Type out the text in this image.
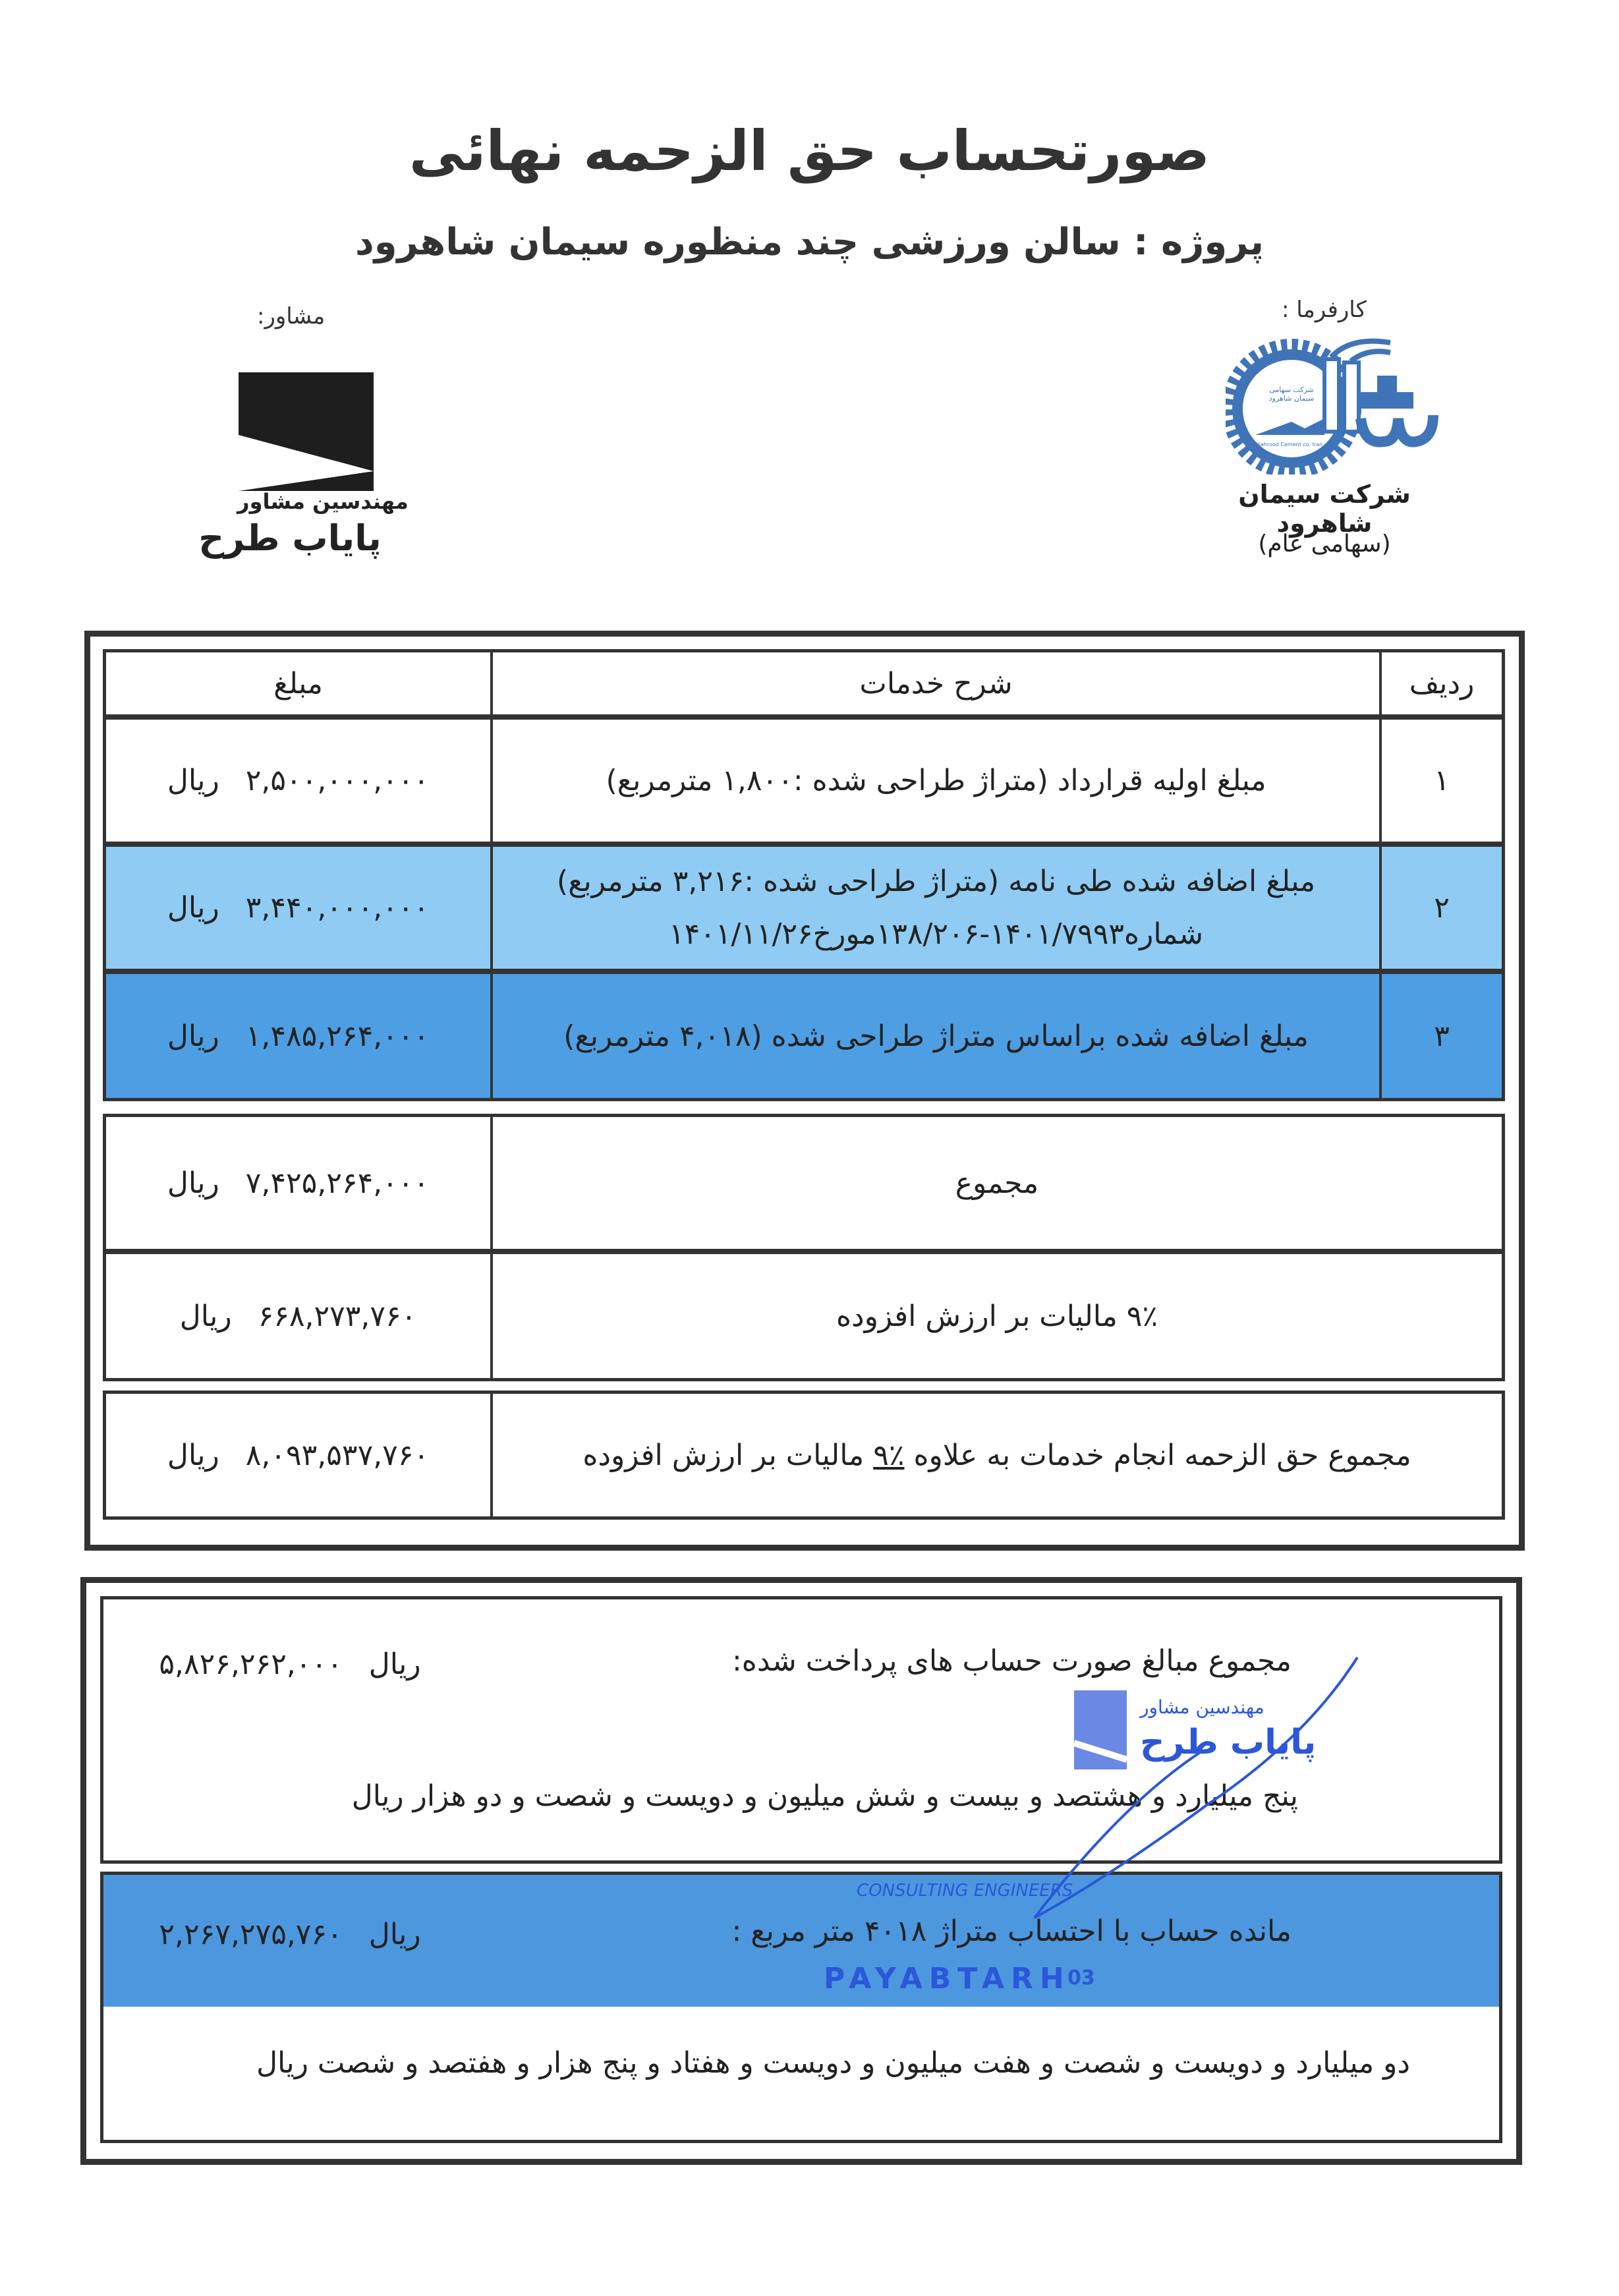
صورتحساب حق الزحمه نهائی
پروژه : سالن ورزشی چند منظوره سیمان شاهرود
مشاور:
مهندسین مشاور
پایاب طرح
کارفرما :
شرکت سهامی سیمان شاهرود
Shahrood Cement co. Iran
شرکت سیمان شاهرود
(سهامی عام)
ردیف
شرح خدمات
مبلغ
۱
مبلغ اولیه قرارداد (متراژ طراحی شده :۱,۸۰۰ مترمربع)
۲,۵۰۰,۰۰۰,۰۰۰
ریال
۲
مبلغ اضافه شده طی نامه (متراژ طراحی شده :۳,۲۱۶ مترمربع)
شماره۱۴۰۱/۷۹۹۳-۱۳۸/۲۰۶مورخ۱۴۰۱/۱۱/۲۶
۳,۴۴۰,۰۰۰,۰۰۰
ریال
۳
مبلغ اضافه شده براساس متراژ طراحی شده (۴,۰۱۸ مترمربع)
۱,۴۸۵,۲۶۴,۰۰۰
ریال
مجموع
۷,۴۲۵,۲۶۴,۰۰۰
ریال
۹٪ مالیات بر ارزش افزوده
۶۶۸,۲۷۳,۷۶۰
ریال
مجموع حق الزحمه انجام خدمات به علاوه
۹٪
مالیات بر ارزش افزوده
۸,۰۹۳,۵۳۷,۷۶۰
ریال
مجموع مبالغ صورت حساب های پرداخت شده:
ریال
۵,۸۲۶,۲۶۲,۰۰۰
پنج میلیارد و هشتصد و بیست و شش میلیون و دویست و شصت و دو هزار ریال
مانده حساب با احتساب متراژ ۴۰۱۸ متر مربع :
ریال
۲,۲۶۷,۲۷۵,۷۶۰
دو میلیارد و دویست و شصت و هفت میلیون و دویست و هفتاد و پنج هزار و هفتصد و شصت ریال
مهندسین مشاور
پایاب طرح
CONSULTING ENGINEERS
PAYABTARH
03
